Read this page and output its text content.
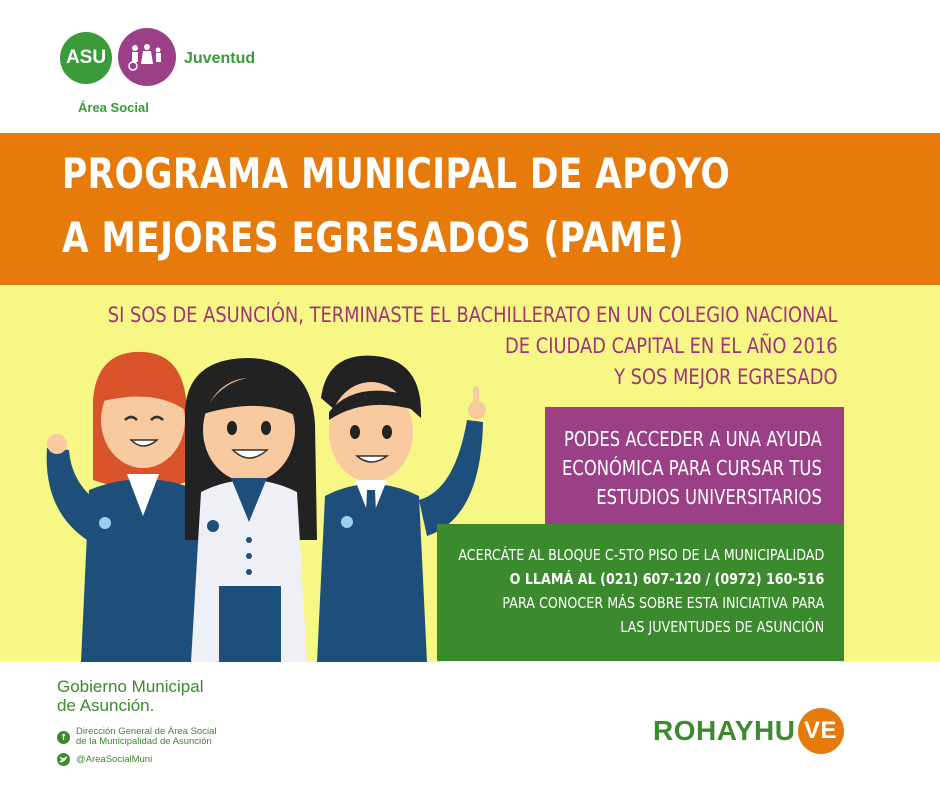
ASU	Juventud
Área Social
PROGRAMA MUNICIPAL DE APOYO
A MEJORES EGRESADOS (PAME)
SI SOS DE ASUNCIÓN, TERMINASTE EL BACHILLERATO EN UN COLEGIO NACIONAL
DE CIUDAD CAPITAL EN EL AÑO 2016
Y SOS MEJOR EGRESADO
PODES ACCEDER A UNA AYUDA
ECONÓMICA PARA CURSAR TUS
ESTUDIOS UNIVERSITARIOS
ACERCÁTE AL BLOQUE C-5TO PISO DE LA MUNICIPALIDAD
O LLAMÁ AL (021) 607-120 / (0972) 160-516
PARA CONOCER MÁS SOBRE ESTA INICIATIVA PARA
LAS JUVENTUDES DE ASUNCIÓN
Gobierno Municipal
de Asunción.
f	Dirección General de Área Social
de la Municipalidad de Asunción
@AreaSocialMuni
ROHAYHU VE
